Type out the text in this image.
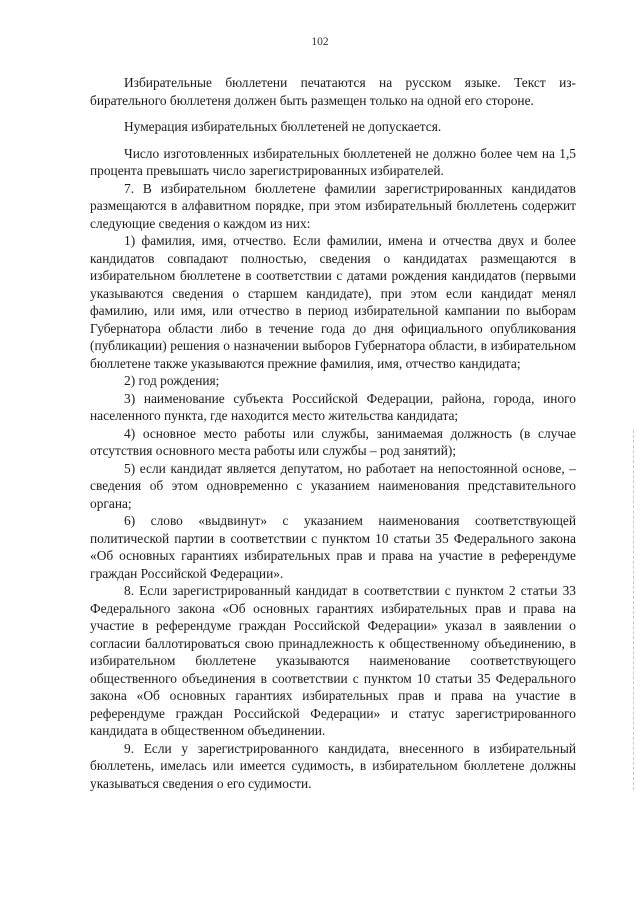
102

Избирательные бюллетени печатаются на русском языке. Текст избирательного бюллетеня должен быть размещен только на одной его стороне.

Нумерация избирательных бюллетеней не допускается.

Число изготовленных избирательных бюллетеней не должно более чем на 1,5 процента превышать число зарегистрированных избирателей.

7. В избирательном бюллетене фамилии зарегистрированных кандидатов размещаются в алфавитном порядке, при этом избирательный бюллетень содержит следующие сведения о каждом из них:

1) фамилия, имя, отчество. Если фамилии, имена и отчества двух и более кандидатов совпадают полностью, сведения о кандидатах размещаются в избирательном бюллетене в соответствии с датами рождения кандидатов (первыми указываются сведения о старшем кандидате), при этом если кандидат менял фамилию, или имя, или отчество в период избирательной кампании по выборам Губернатора области либо в течение года до дня официального опубликования (публикации) решения о назначении выборов Губернатора области, в избирательном бюллетене также указываются прежние фамилия, имя, отчество кандидата;

2) год рождения;

3) наименование субъекта Российской Федерации, района, города, иного населенного пункта, где находится место жительства кандидата;

4) основное место работы или службы, занимаемая должность (в случае отсутствия основного места работы или службы – род занятий);

5) если кандидат является депутатом, но работает на непостоянной основе, – сведения об этом одновременно с указанием наименования представительного органа;

6) слово «выдвинут» с указанием наименования соответствующей политической партии в соответствии с пунктом 10 статьи 35 Федерального закона «Об основных гарантиях избирательных прав и права на участие в референдуме граждан Российской Федерации».

8. Если зарегистрированный кандидат в соответствии с пунктом 2 статьи 33 Федерального закона «Об основных гарантиях избирательных прав и права на участие в референдуме граждан Российской Федерации» указал в заявлении о согласии баллотироваться свою принадлежность к общественному объединению, в избирательном бюллетене указываются наименование соответствующего общественного объединения в соответствии с пунктом 10 статьи 35 Федерального закона «Об основных гарантиях избирательных прав и права на участие в референдуме граждан Российской Федерации» и статус зарегистрированного кандидата в общественном объединении.

9. Если у зарегистрированного кандидата, внесенного в избирательный бюллетень, имелась или имеется судимость, в избирательном бюллетене должны указываться сведения о его судимости.
